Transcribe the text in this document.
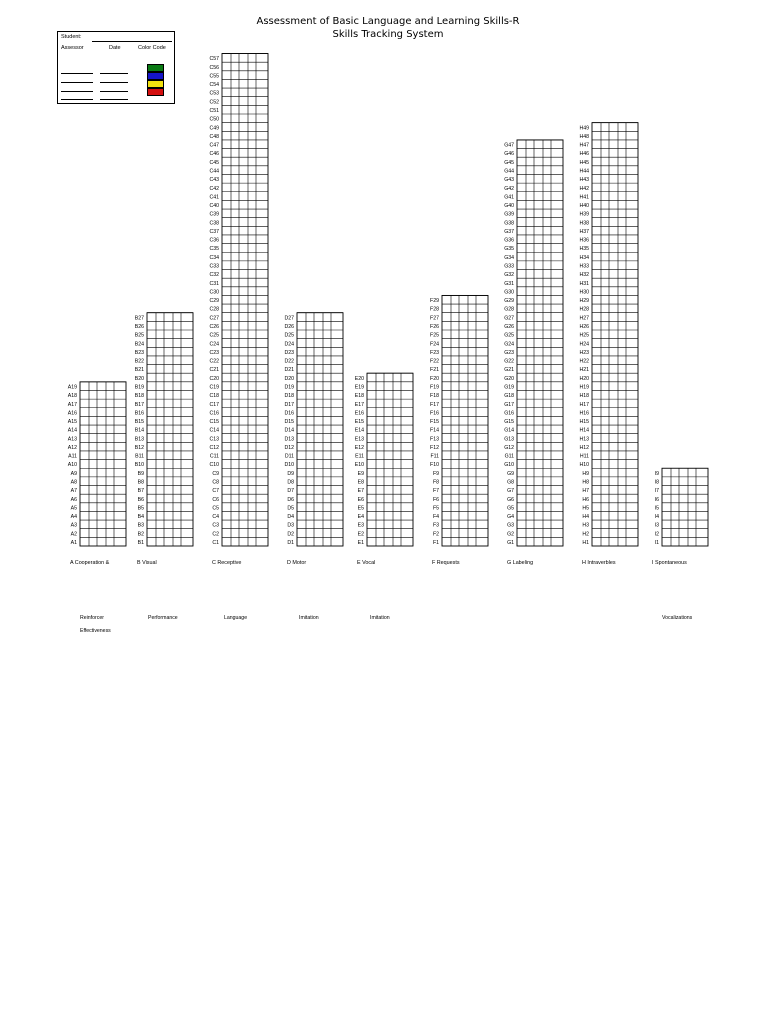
Assessment of Basic Language and Learning Skills-R
Skills Tracking System
Student:
Assessor	Date	Color Code
A1
A2
A3
A4
A5
A6
A7
A8
A9
A10
A11
A12
A13
A14
A15
A16
A17
A18
A19
A Cooperation &
B1
B2
B3
B4
B5
B6
B7
B8
B9
B10
B11
B12
B13
B14
B15
B16
B17
B18
B19
B20
B21
B22
B23
B24
B25
B26
B27
B Visual
C1
C2
C3
C4
C5
C6
C7
C8
C9
C10
C11
C12
C13
C14
C15
C16
C17
C18
C19
C20
C21
C22
C23
C24
C25
C26
C27
C28
C29
C30
C31
C32
C33
C34
C35
C36
C37
C38
C39
C40
C41
C42
C43
C44
C45
C46
C47
C48
C49
C50
C51
C52
C53
C54
C55
C56
C57
C Receptive
D1
D2
D3
D4
D5
D6
D7
D8
D9
D10
D11
D12
D13
D14
D15
D16
D17
D18
D19
D20
D21
D22
D23
D24
D25
D26
D27
D Motor
E1
E2
E3
E4
E5
E6
E7
E8
E9
E10
E11
E12
E13
E14
E15
E16
E17
E18
E19
E20
E Vocal
F1
F2
F3
F4
F5
F6
F7
F8
F9
F10
F11
F12
F13
F14
F15
F16
F17
F18
F19
F20
F21
F22
F23
F24
F25
F26
F27
F28
F29
F Requests
G1
G2
G3
G4
G5
G6
G7
G8
G9
G10
G11
G12
G13
G14
G15
G16
G17
G18
G19
G20
G21
G22
G23
G24
G25
G26
G27
G28
G29
G30
G31
G32
G33
G34
G35
G36
G37
G38
G39
G40
G41
G42
G43
G44
G45
G46
G47
G Labeling
H1
H2
H3
H4
H5
H6
H7
H8
H9
H10
H11
H12
H13
H14
H15
H16
H17
H18
H19
H20
H21
H22
H23
H24
H25
H26
H27
H28
H29
H30
H31
H32
H33
H34
H35
H36
H37
H38
H39
H40
H41
H42
H43
H44
H45
H46
H47
H48
H49
H Intraverbles
I1
I2
I3
I4
I5
I6
I7
I8
I9
I Spontaneous
Reinforcer
Effectiveness
Performance	Language	Imitation	Imitation	Vocalizations
